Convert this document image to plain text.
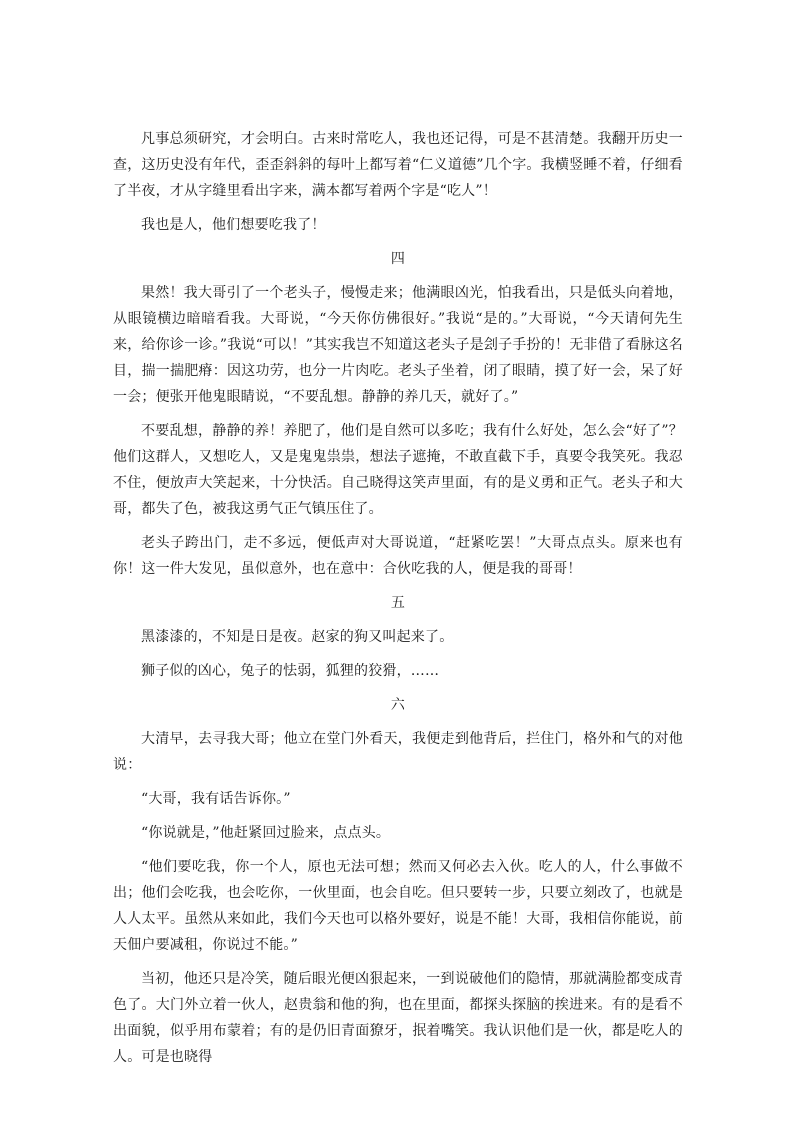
凡事总须研究，才会明白。古来时常吃人，我也还记得，可是不甚清楚。我翻开历史一查，这历史没有年代，歪歪斜斜的每叶上都写着“仁义道德”几个字。我横竖睡不着，仔细看了半夜，才从字缝里看出字来，满本都写着两个字是“吃人”！

我也是人，他们想要吃我了！

四

果然！我大哥引了一个老头子，慢慢走来；他满眼凶光，怕我看出，只是低头向着地，从眼镜横边暗暗看我。大哥说，“今天你仿佛很好。”我说“是的。”大哥说，“今天请何先生来，给你诊一诊。”我说“可以！”其实我岂不知道这老头子是刽子手扮的！无非借了看脉这名目，揣一揣肥瘠：因这功劳，也分一片肉吃。老头子坐着，闭了眼睛，摸了好一会，呆了好一会；便张开他鬼眼睛说，“不要乱想。静静的养几天，就好了。”

不要乱想，静静的养！养肥了，他们是自然可以多吃；我有什么好处，怎么会“好了”？他们这群人，又想吃人，又是鬼鬼祟祟，想法子遮掩，不敢直截下手，真要令我笑死。我忍不住，便放声大笑起来，十分快活。自己晓得这笑声里面，有的是义勇和正气。老头子和大哥，都失了色，被我这勇气正气镇压住了。

老头子跨出门，走不多远，便低声对大哥说道，“赶紧吃罢！”大哥点点头。原来也有你！这一件大发见，虽似意外，也在意中：合伙吃我的人，便是我的哥哥！

五

黑漆漆的，不知是日是夜。赵家的狗又叫起来了。

狮子似的凶心，兔子的怯弱，狐狸的狡猾，……

六

大清早，去寻我大哥；他立在堂门外看天，我便走到他背后，拦住门，格外和气的对他说：

“大哥，我有话告诉你。”

“你说就是，”他赶紧回过脸来，点点头。

“他们要吃我，你一个人，原也无法可想；然而又何必去入伙。吃人的人，什么事做不出；他们会吃我，也会吃你，一伙里面，也会自吃。但只要转一步，只要立刻改了，也就是人人太平。虽然从来如此，我们今天也可以格外要好，说是不能！大哥，我相信你能说，前天佃户要减租，你说过不能。”

当初，他还只是冷笑，随后眼光便凶狠起来，一到说破他们的隐情，那就满脸都变成青色了。大门外立着一伙人，赵贵翁和他的狗，也在里面，都探头探脑的挨进来。有的是看不出面貌，似乎用布蒙着；有的是仍旧青面獠牙，抿着嘴笑。我认识他们是一伙，都是吃人的人。可是也晓得
